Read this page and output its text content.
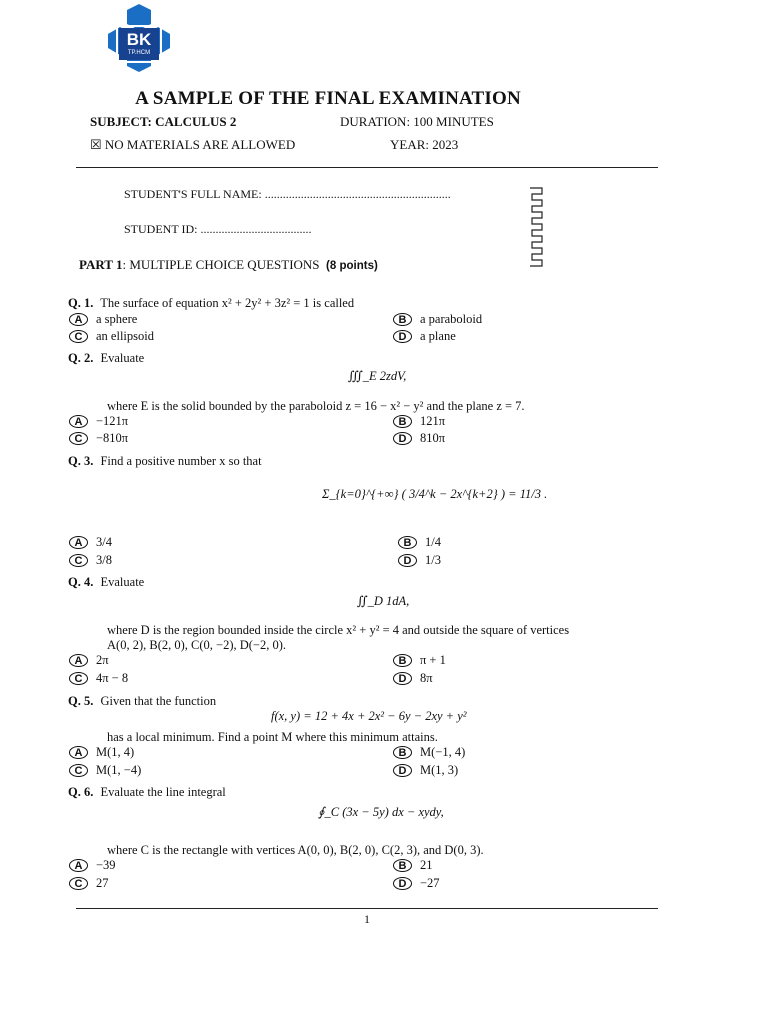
BK
TP.HCM
A SAMPLE OF THE FINAL EXAMINATION
SUBJECT: CALCULUS 2	DURATION: 100 MINUTES
☒ NO MATERIALS ARE ALLOWED	YEAR: 2023
STUDENT'S FULL NAME: ..............................................................
STUDENT ID: .....................................
PART 1: MULTIPLE CHOICE QUESTIONS (8 points)
Q. 1. The surface of equation x² + 2y² + 3z² = 1 is called
A	a sphere	B	a paraboloid
C	an ellipsoid	D	a plane
Q. 2. Evaluate
∭_E 2zdV,
where E is the solid bounded by the paraboloid z = 16 − x² − y² and the plane z = 7.
A	−121π	B	121π
C	−810π	D	810π
Q. 3. Find a positive number x so that
Σ_{k=0}^{+∞} ( 3/4^k − 2x^{k+2} ) = 11/3 .
A	3/4	B	1/4
C	3/8	D	1/3
Q. 4. Evaluate
∬_D 1dA,
where D is the region bounded inside the circle x² + y² = 4 and outside the square of vertices
A(0, 2), B(2, 0), C(0, −2), D(−2, 0).
A	2π	B	π + 1
C	4π − 8	D	8π
Q. 5. Given that the function
f(x, y) = 12 + 4x + 2x² − 6y − 2xy + y²
has a local minimum. Find a point M where this minimum attains.
A	M(1, 4)	B	M(−1, 4)
C	M(1, −4)	D	M(1, 3)
Q. 6. Evaluate the line integral
∮_C (3x − 5y) dx − xydy,
where C is the rectangle with vertices A(0, 0), B(2, 0), C(2, 3), and D(0, 3).
A	−39	B	21
C	27	D	−27
1
